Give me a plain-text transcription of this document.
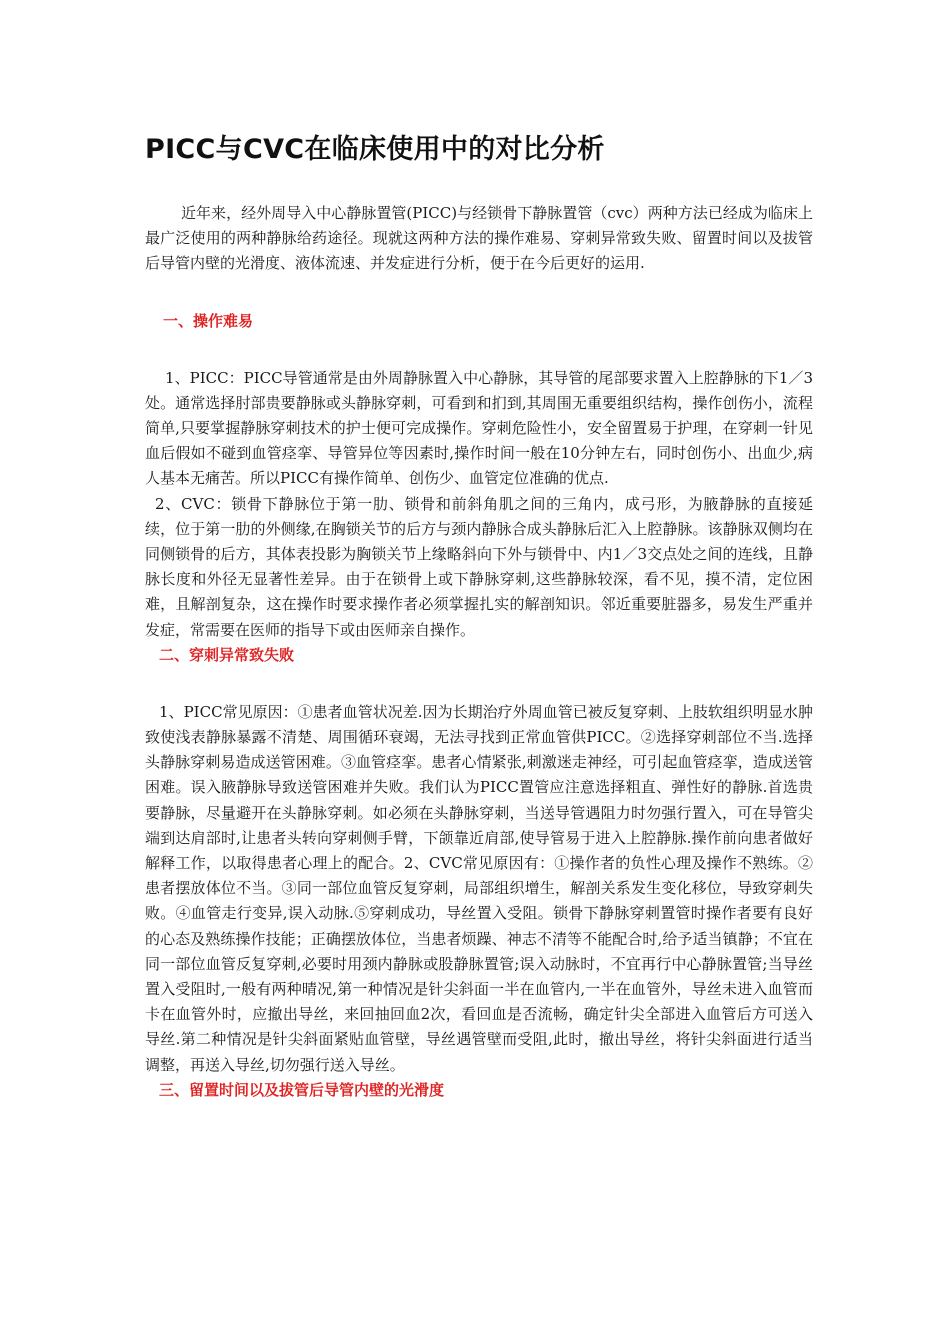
PICC与CVC在临床使用中的对比分析

近年来，经外周导入中心静脉置管(PICC)与经锁骨下静脉置管（cvc）两种方法已经成为临床上最广泛使用的两种静脉给药途径。现就这两种方法的操作难易、穿刺异常致失败、留置时间以及拔管后导管内壁的光滑度、液体流速、并发症进行分析，便于在今后更好的运用.

一、操作难易

1、PICC：PICC导管通常是由外周静脉置入中心静脉，其导管的尾部要求置入上腔静脉的下1／3处。通常选择肘部贵要静脉或头静脉穿刺，可看到和扪到,其周围无重要组织结构，操作创伤小，流程简单,只要掌握静脉穿刺技术的护士便可完成操作。穿刺危险性小，安全留置易于护理，在穿刺一针见血后假如不碰到血管痉挛、导管异位等因素时,操作时间一般在10分钟左右，同时创伤小、出血少,病人基本无痛苦。所以PICC有操作简单、创伤少、血管定位准确的优点.

2、CVC：锁骨下静脉位于第一肋、锁骨和前斜角肌之间的三角内，成弓形，为腋静脉的直接延续，位于第一肋的外侧缘,在胸锁关节的后方与颈内静脉合成头静脉后汇入上腔静脉。该静脉双侧均在同侧锁骨的后方，其体表投影为胸锁关节上缘略斜向下外与锁骨中、内1／3交点处之间的连线，且静脉长度和外径无显著性差异。由于在锁骨上或下静脉穿刺,这些静脉较深，看不见，摸不清，定位困难，且解剖复杂，这在操作时要求操作者必须掌握扎实的解剖知识。邻近重要脏器多，易发生严重并发症，常需要在医师的指导下或由医师亲自操作。

二、穿刺异常致失败

1、PICC常见原因：①患者血管状况差.因为长期治疗外周血管已被反复穿刺、上肢软组织明显水肿致使浅表静脉暴露不清楚、周围循环衰竭，无法寻找到正常血管供PICC。②选择穿刺部位不当.选择头静脉穿刺易造成送管困难。③血管痉挛。患者心情紧张,刺激迷走神经，可引起血管痉挛，造成送管困难。误入腋静脉导致送管困难并失败。我们认为PICC置管应注意选择粗直、弹性好的静脉.首选贵要静脉，尽量避开在头静脉穿刺。如必须在头静脉穿刺，当送导管遇阻力时勿强行置入，可在导管尖端到达肩部时,让患者头转向穿刺侧手臂，下颌靠近肩部,使导管易于进入上腔静脉.操作前向患者做好解释工作，以取得患者心理上的配合。2、CVC常见原因有：①操作者的负性心理及操作不熟练。②患者摆放体位不当。③同一部位血管反复穿刺，局部组织增生，解剖关系发生变化移位，导致穿刺失败。④血管走行变异,误入动脉.⑤穿刺成功，导丝置入受阻。锁骨下静脉穿刺置管时操作者要有良好的心态及熟练操作技能；正确摆放体位，当患者烦躁、神志不清等不能配合时,给予适当镇静；不宜在同一部位血管反复穿刺,必要时用颈内静脉或股静脉置管;误入动脉时，不宜再行中心静脉置管;当导丝置入受阻时,一般有两种晴况,第一种情况是针尖斜面一半在血管内,一半在血管外，导丝未进入血管而卡在血管外时，应撤出导丝，来回抽回血2次，看回血是否流畅，确定针尖全部进入血管后方可送入导丝.第二种情况是针尖斜面紧贴血管壁，导丝遇管壁而受阻,此时，撤出导丝，将针尖斜面进行适当调整，再送入导丝,切勿强行送入导丝。

三、留置时间以及拔管后导管内壁的光滑度
